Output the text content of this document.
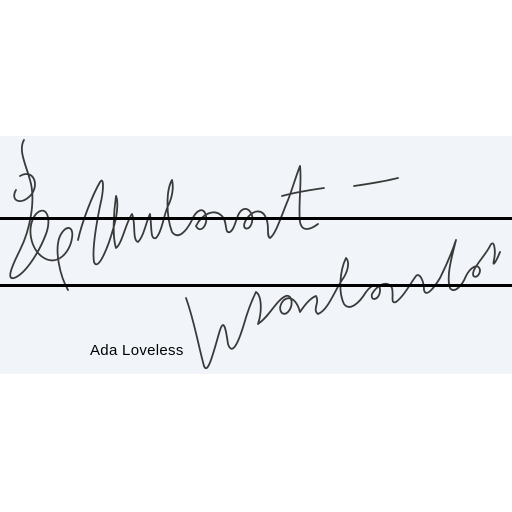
Ada Loveless
